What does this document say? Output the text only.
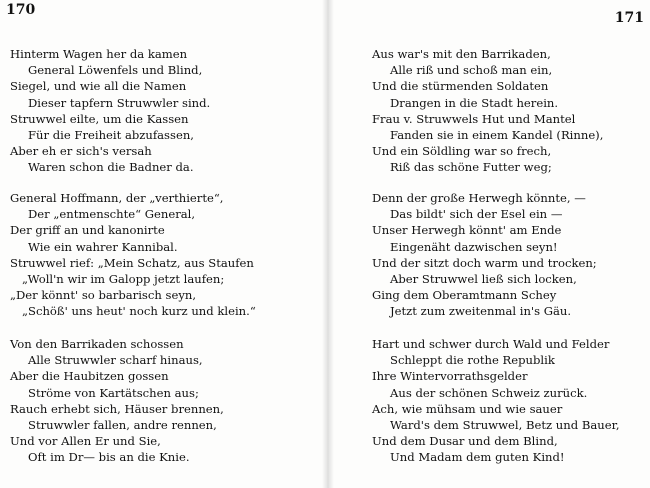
170	171
Hinterm Wagen her da kamen
General Löwenfels und Blind,
Siegel, und wie all die Namen
Dieser tapfern Struwwler sind.
Struwwel eilte, um die Kassen
Für die Freiheit abzufassen,
Aber eh er sich's versah
Waren schon die Badner da.
General Hoffmann, der „verthierte“,
Der „entmenschte“ General,
Der griff an und kanonirte
Wie ein wahrer Kannibal.
Struwwel rief: „Mein Schatz, aus Staufen
„Woll'n wir im Galopp jetzt laufen;
„Der könnt' so barbarisch seyn,
„Schöß' uns heut' noch kurz und klein.“
Von den Barrikaden schossen
Alle Struwwler scharf hinaus,
Aber die Haubitzen gossen
Ströme von Kartätschen aus;
Rauch erhebt sich, Häuser brennen,
Struwwler fallen, andre rennen,
Und vor Allen Er und Sie,
Oft im Dr— bis an die Knie.
Aus war's mit den Barrikaden,
Alle riß und schoß man ein,
Und die stürmenden Soldaten
Drangen in die Stadt herein.
Frau v. Struwwels Hut und Mantel
Fanden sie in einem Kandel (Rinne),
Und ein Söldling war so frech,
Riß das schöne Futter weg;
Denn der große Herwegh könnte, —
Das bildt' sich der Esel ein —
Unser Herwegh könnt' am Ende
Eingenäht dazwischen seyn!
Und der sitzt doch warm und trocken;
Aber Struwwel ließ sich locken,
Ging dem Oberamtmann Schey
Jetzt zum zweitenmal in's Gäu.
Hart und schwer durch Wald und Felder
Schleppt die rothe Republik
Ihre Wintervorrathsgelder
Aus der schönen Schweiz zurück.
Ach, wie mühsam und wie sauer
Ward's dem Struwwel, Betz und Bauer,
Und dem Dusar und dem Blind,
Und Madam dem guten Kind!
